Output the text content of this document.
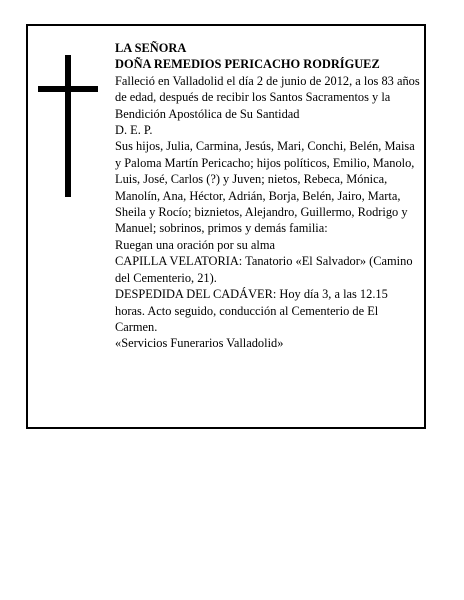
LA SEÑORA

DOÑA REMEDIOS PERICACHO RODRÍGUEZ

Falleció en Valladolid el día 2 de junio de 2012, a los 83 años de edad, después de recibir los Santos Sacramentos y la Bendición Apostólica de Su Santidad

D. E. P.

Sus hijos, Julia, Carmina, Jesús, Mari, Conchi, Belén, Maisa y Paloma Martín Pericacho; hijos políticos, Emilio, Manolo, Luis, José, Carlos (?) y Juven; nietos, Rebeca, Mónica, Manolín, Ana, Héctor, Adrián, Borja, Belén, Jairo, Marta, Sheila y Rocío; biznietos, Alejandro, Guillermo, Rodrigo y Manuel; sobrinos, primos y demás familia:

Ruegan una oración por su alma

CAPILLA VELATORIA: Tanatorio «El Salvador» (Camino del Cementerio, 21).

DESPEDIDA DEL CADÁVER: Hoy día 3, a las 12.15 horas. Acto seguido, conducción al Cementerio de El Carmen.

«Servicios Funerarios Valladolid»
